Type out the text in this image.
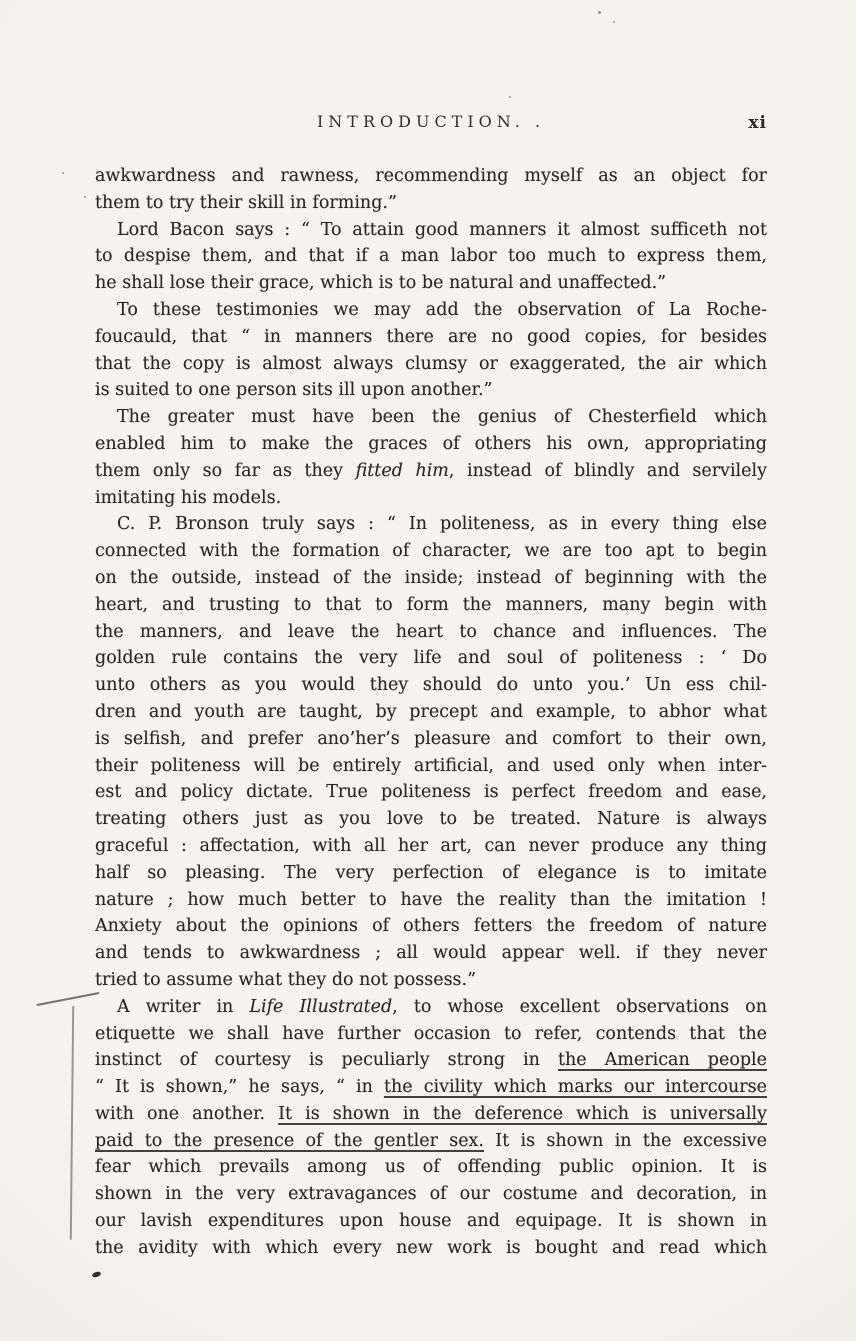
INTRODUCTION. .	xi
awkwardness and rawness, recommending myself as an object for
them to try their skill in forming.”
Lord Bacon says : “ To attain good manners it almost sufficeth not
to despise them, and that if a man labor too much to express them,
he shall lose their grace, which is to be natural and unaffected.”
To these testimonies we may add the observation of La Roche-
foucauld, that “ in manners there are no good copies, for besides
that the copy is almost always clumsy or exaggerated, the air which
is suited to one person sits ill upon another.”
The greater must have been the genius of Chesterfield which
enabled him to make the graces of others his own, appropriating
them only so far as they fitted him, instead of blindly and servilely
imitating his models.
C. P. Bronson truly says : “ In politeness, as in every thing else
connected with the formation of character, we are too apt to begin
on the outside, instead of the inside; instead of beginning with the
heart, and trusting to that to form the manners, many begin with
the manners, and leave the heart to chance and influences. The
golden rule contains the very life and soul of politeness : ‘ Do
unto others as you would they should do unto you.’ Un ess chil-
dren and youth are taught, by precept and example, to abhor what
is selfish, and prefer ano’her’s pleasure and comfort to their own,
their politeness will be entirely artificial, and used only when inter-
est and policy dictate. True politeness is perfect freedom and ease,
treating others just as you love to be treated. Nature is always
graceful : affectation, with all her art, can never produce any thing
half so pleasing. The very perfection of elegance is to imitate
nature ; how much better to have the reality than the imitation !
Anxiety about the opinions of others fetters the freedom of nature
and tends to awkwardness ; all would appear well. if they never
tried to assume what they do not possess.”
A writer in Life Illustrated, to whose excellent observations on
etiquette we shall have further occasion to refer, contends that the
instinct of courtesy is peculiarly strong in the American people
“ It is shown,” he says, “ in the civility which marks our intercourse
with one another. It is shown in the deference which is universally
paid to the presence of the gentler sex. It is shown in the excessive
fear which prevails among us of offending public opinion. It is
shown in the very extravagances of our costume and decoration, in
our lavish expenditures upon house and equipage. It is shown in
the avidity with which every new work is bought and read which
